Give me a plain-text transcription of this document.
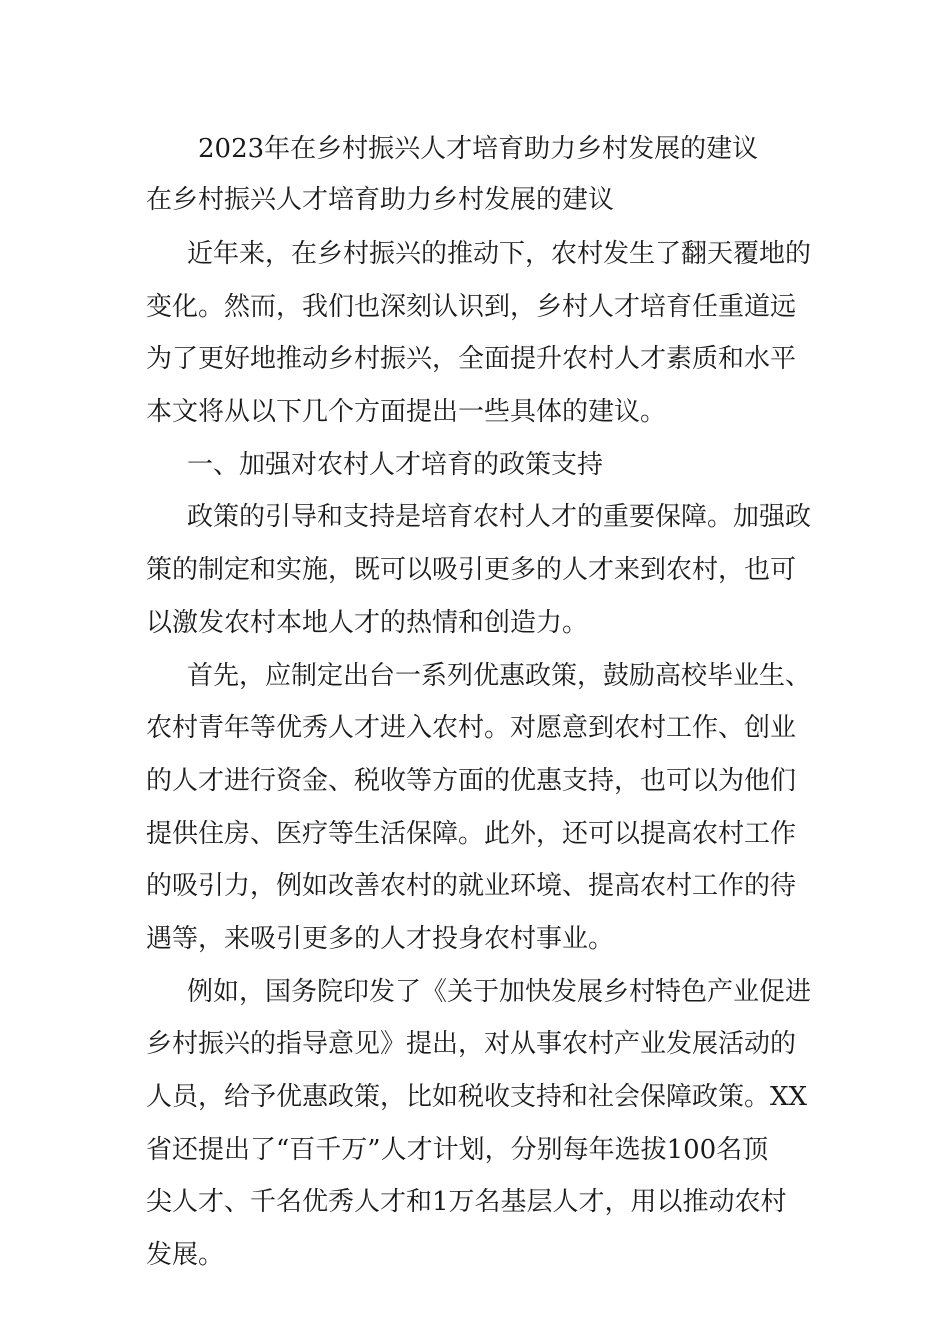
2023年在乡村振兴人才培育助力乡村发展的建议
在乡村振兴人才培育助力乡村发展的建议
近年来，在乡村振兴的推动下，农村发生了翻天覆地的
变化。然而，我们也深刻认识到，乡村人才培育任重道远
为了更好地推动乡村振兴，全面提升农村人才素质和水平
本文将从以下几个方面提出一些具体的建议。
一、加强对农村人才培育的政策支持
政策的引导和支持是培育农村人才的重要保障。加强政
策的制定和实施，既可以吸引更多的人才来到农村，也可
以激发农村本地人才的热情和创造力。
首先，应制定出台一系列优惠政策，鼓励高校毕业生、
农村青年等优秀人才进入农村。对愿意到农村工作、创业
的人才进行资金、税收等方面的优惠支持，也可以为他们
提供住房、医疗等生活保障。此外，还可以提高农村工作
的吸引力，例如改善农村的就业环境、提高农村工作的待
遇等，来吸引更多的人才投身农村事业。
例如，国务院印发了《关于加快发展乡村特色产业促进
乡村振兴的指导意见》提出，对从事农村产业发展活动的
人员，给予优惠政策，比如税收支持和社会保障政策。XX
省还提出了“百千万”人才计划，分别每年选拔100名顶
尖人才、千名优秀人才和1万名基层人才，用以推动农村
发展。
